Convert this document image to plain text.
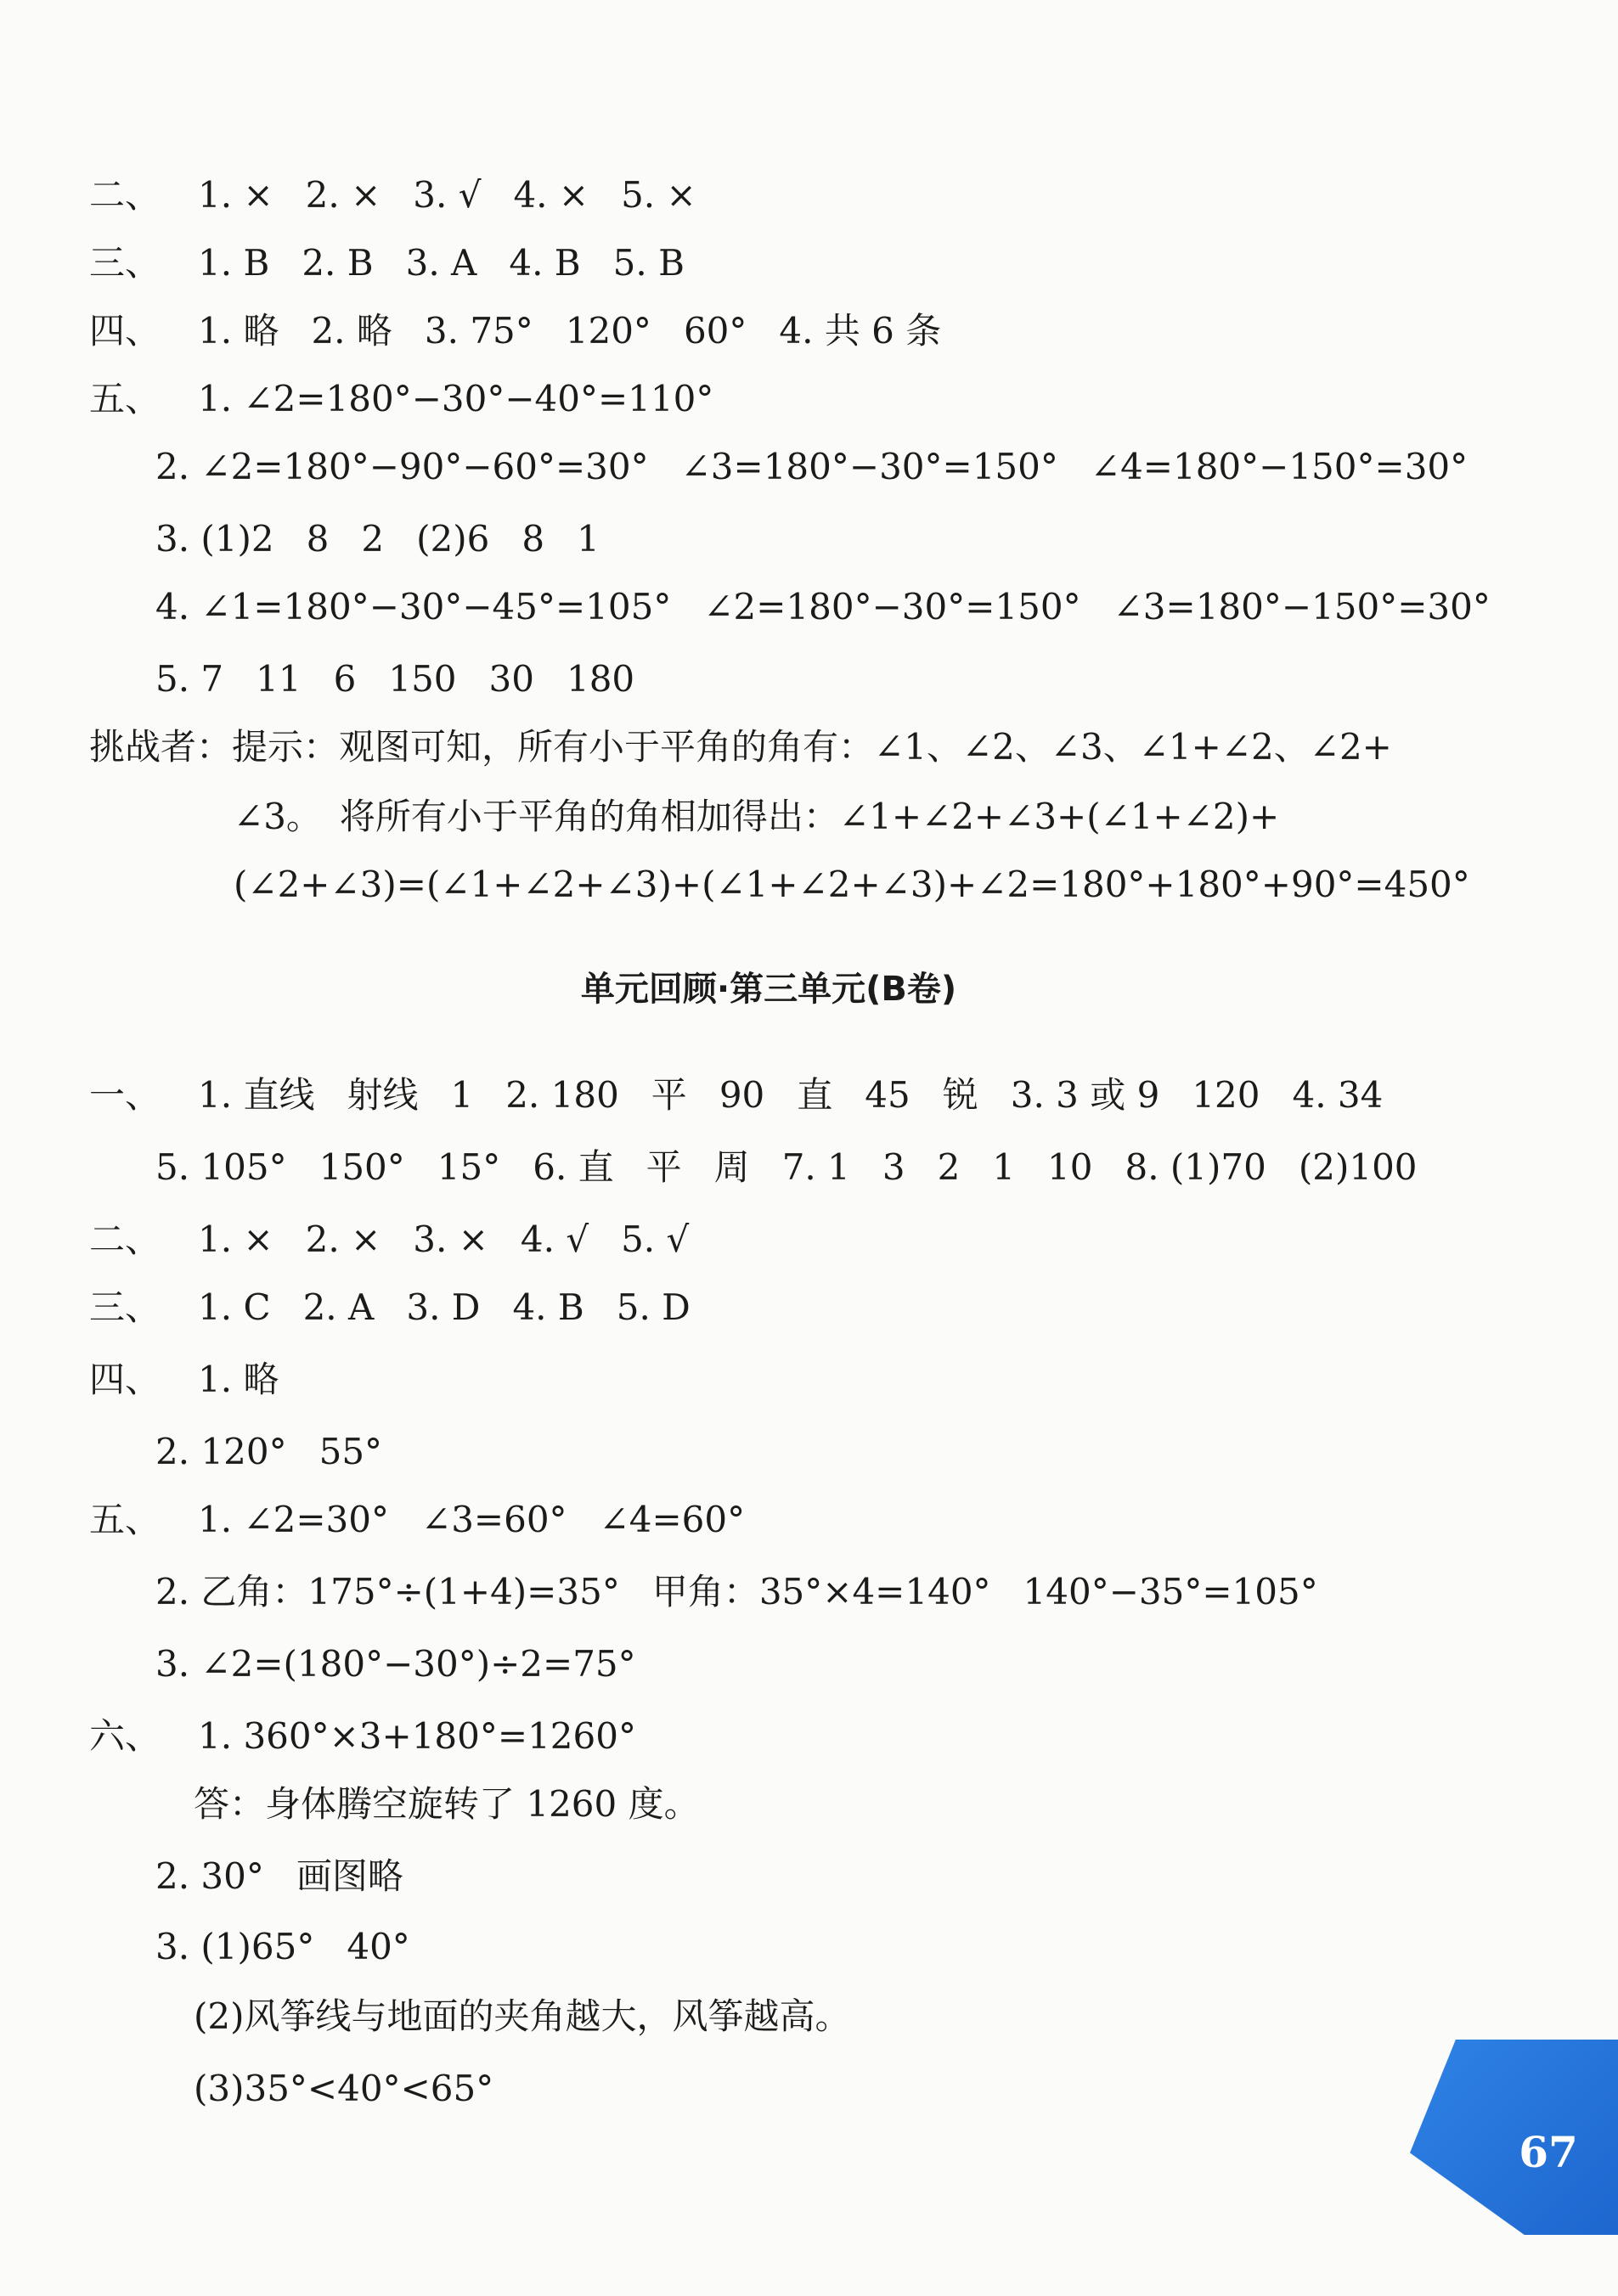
二、 1. × 2. × 3. √ 4. × 5. ×
三、 1. B 2. B 3. A 4. B 5. B
四、 1. 略 2. 略 3. 75° 120° 60° 4. 共 6 条
五、 1. ∠2=180°−30°−40°=110°
2. ∠2=180°−90°−60°=30° ∠3=180°−30°=150° ∠4=180°−150°=30°
3. (1)2 8 2 (2)6 8 1
4. ∠1=180°−30°−45°=105° ∠2=180°−30°=150° ∠3=180°−150°=30°
5. 7 11 6 150 30 180
挑战者：提示：观图可知，所有小于平角的角有：∠1、∠2、∠3、∠1+∠2、∠2+
∠3。　将所有小于平角的角相加得出：∠1+∠2+∠3+(∠1+∠2)+
(∠2+∠3)=(∠1+∠2+∠3)+(∠1+∠2+∠3)+∠2=180°+180°+90°=450°
单元回顾·第三单元(B卷)
一、 1. 直线 射线 1 2. 180 平 90 直 45 锐 3. 3 或 9 120 4. 34
5. 105° 150° 15° 6. 直 平 周 7. 1 3 2 1 10 8. (1)70 (2)100
二、 1. × 2. × 3. × 4. √ 5. √
三、 1. C 2. A 3. D 4. B 5. D
四、 1. 略
2. 120° 55°
五、 1. ∠2=30° ∠3=60° ∠4=60°
2. 乙角：175°÷(1+4)=35° 甲角：35°×4=140° 140°−35°=105°
3. ∠2=(180°−30°)÷2=75°
六、 1. 360°×3+180°=1260°
答：身体腾空旋转了 1260 度。
2. 30° 画图略
3. (1)65° 40°
(2)风筝线与地面的夹角越大，风筝越高。
(3)35°<40°<65°
67
